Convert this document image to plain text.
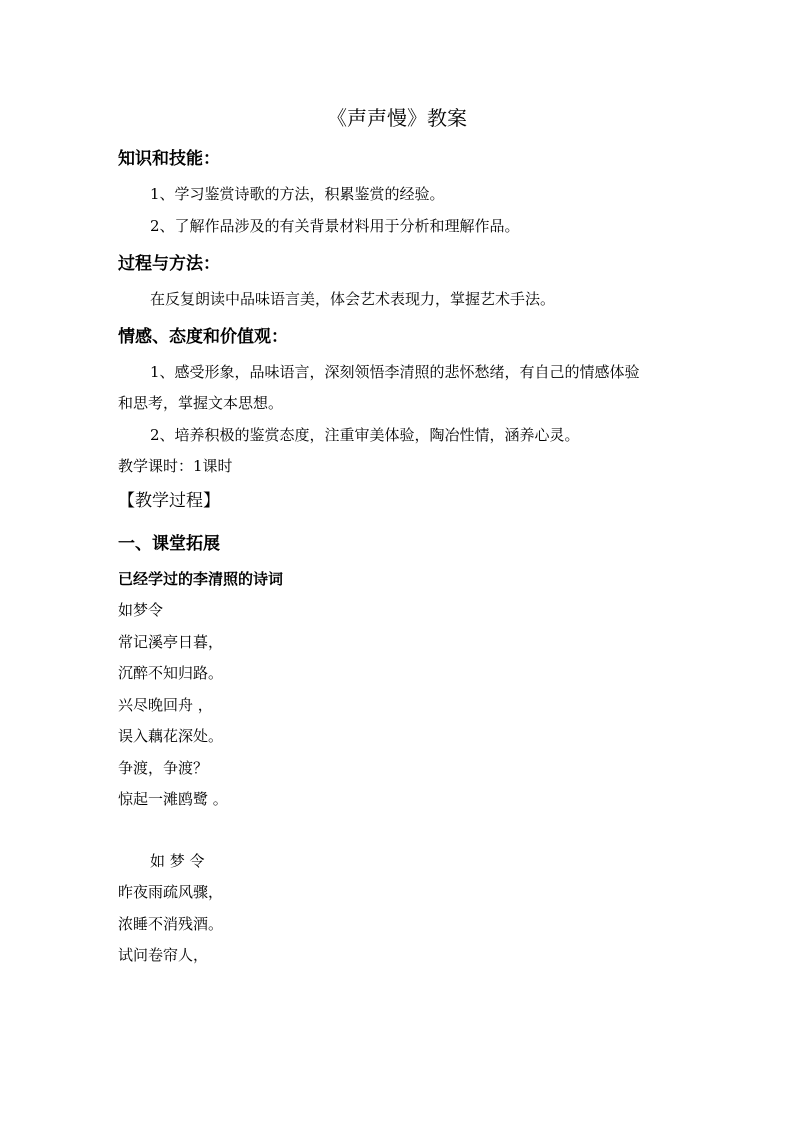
《声声慢》教案
知识和技能：
1、学习鉴赏诗歌的方法，积累鉴赏的经验。
2、了解作品涉及的有关背景材料用于分析和理解作品。
过程与方法：
在反复朗读中品味语言美，体会艺术表现力，掌握艺术手法。
情感、态度和价值观：
1、感受形象，品味语言，深刻领悟李清照的悲怀愁绪，有自己的情感体验
和思考，掌握文本思想。
2、培养积极的鉴赏态度，注重审美体验，陶冶性情，涵养心灵。
教学课时：1课时
【教学过程】
一、课堂拓展
已经学过的李清照的诗词
如梦令
常记溪亭日暮，
沉醉不知归路。
兴尽晚回舟 ，
误入藕花深处。
争渡，争渡？
惊起一滩鸥鹭 。
如 梦 令
昨夜雨疏风骤，
浓睡不消残酒。
试问卷帘人，
